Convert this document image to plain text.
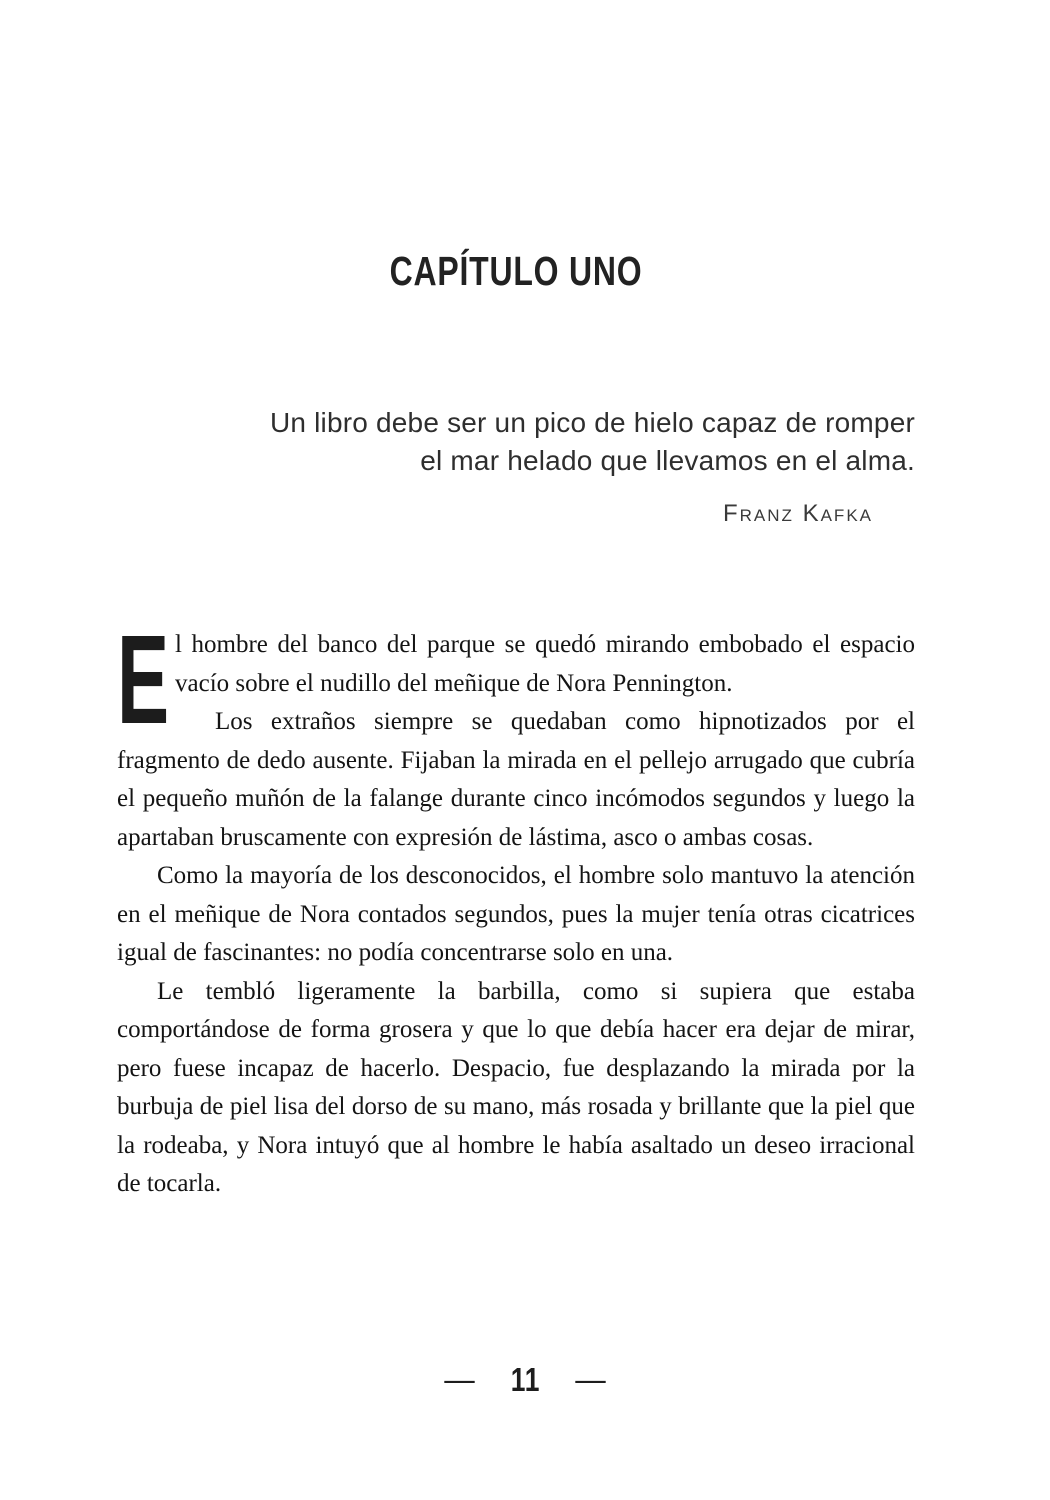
CAPÍTULO UNO
Un libro debe ser un pico de hielo capaz de romper
el mar helado que llevamos en el alma.
Franz Kafka

El hombre del banco del parque se quedó mirando embobado el espacio vacío sobre el nudillo del meñique de Nora Pennington.

Los extraños siempre se quedaban como hipnotizados por el fragmento de dedo ausente. Fijaban la mirada en el pellejo arrugado que cubría el pequeño muñón de la falange durante cinco incómodos segundos y luego la apartaban bruscamente con expresión de lástima, asco o ambas cosas.

Como la mayoría de los desconocidos, el hombre solo mantuvo la atención en el meñique de Nora contados segundos, pues la mujer tenía otras cicatrices igual de fascinantes: no podía concentrarse solo en una.

Le tembló ligeramente la barbilla, como si supiera que estaba comportándose de forma grosera y que lo que debía hacer era dejar de mirar, pero fuese incapaz de hacerlo. Despacio, fue desplazando la mirada por la burbuja de piel lisa del dorso de su mano, más rosada y brillante que la piel que la rodeaba, y Nora intuyó que al hombre le había asaltado un deseo irracional de tocarla.

— 11 —
